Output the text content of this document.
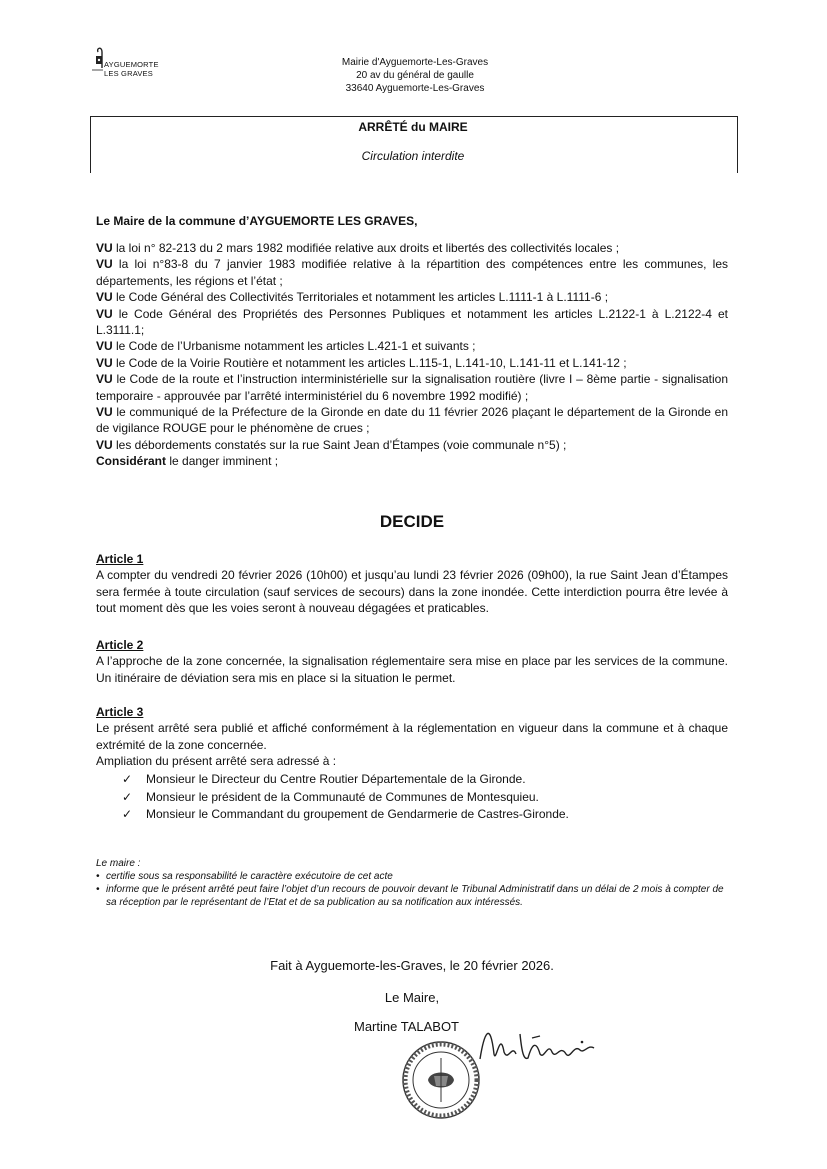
AYGUEMORTE
LES GRAVES
Mairie d'Ayguemorte-Les-Graves
20 av du général de gaulle
33640 Ayguemorte-Les-Graves
ARRÊTÉ du MAIRE
Circulation interdite
Le Maire de la commune d’AYGUEMORTE LES GRAVES,

VU la loi n° 82-213 du 2 mars 1982 modifiée relative aux droits et libertés des collectivités locales ;

VU la loi n°83-8 du 7 janvier 1983 modifiée relative à la répartition des compétences entre les communes, les départements, les régions et l’état ;

VU le Code Général des Collectivités Territoriales et notamment les articles L.1111-1 à L.1111-6 ;

VU le Code Général des Propriétés des Personnes Publiques et notamment les articles L.2122-1 à L.2122-4 et L.3111.1;

VU le Code de l’Urbanisme notamment les articles L.421-1 et suivants ;

VU le Code de la Voirie Routière et notamment les articles L.115-1, L.141-10, L.141-11 et L.141-12 ;

VU le Code de la route et l’instruction interministérielle sur la signalisation routière (livre I – 8ème partie - signalisation temporaire - approuvée par l’arrêté interministériel du 6 novembre 1992 modifié) ;

VU le communiqué de la Préfecture de la Gironde en date du 11 février 2026 plaçant le département de la Gironde en de vigilance ROUGE pour le phénomène de crues ;

VU les débordements constatés sur la rue Saint Jean d’Étampes (voie communale n°5) ;

Considérant le danger imminent ;

DECIDE
Article 1

A compter du vendredi 20 février 2026 (10h00) et jusqu’au lundi 23 février 2026 (09h00), la rue Saint Jean d’Étampes sera fermée à toute circulation (sauf services de secours) dans la zone inondée. Cette interdiction pourra être levée à tout moment dès que les voies seront à nouveau dégagées et praticables.

Article 2

A l’approche de la zone concernée, la signalisation réglementaire sera mise en place par les services de la commune. Un itinéraire de déviation sera mis en place si la situation le permet.

Article 3

Le présent arrêté sera publié et affiché conformément à la réglementation en vigueur dans la commune et à chaque extrémité de la zone concernée.

Ampliation du présent arrêté sera adressé à :
✓	Monsieur le Directeur du Centre Routier Départementale de la Gironde.
✓	Monsieur le président de la Communauté de Communes de Montesquieu.
✓	Monsieur le Commandant du groupement de Gendarmerie de Castres-Gironde.
Le maire :
• certifie sous sa responsabilité le caractère exécutoire de cet acte
• informe que le présent arrêté peut faire l’objet d’un recours de pouvoir devant le Tribunal Administratif dans un délai de 2 mois à compter de sa réception par le représentant de l’Etat et de sa publication au sa notification aux intéressés.
Fait à Ayguemorte-les-Graves, le 20 février 2026.
Le Maire,
Martine TALABOT
